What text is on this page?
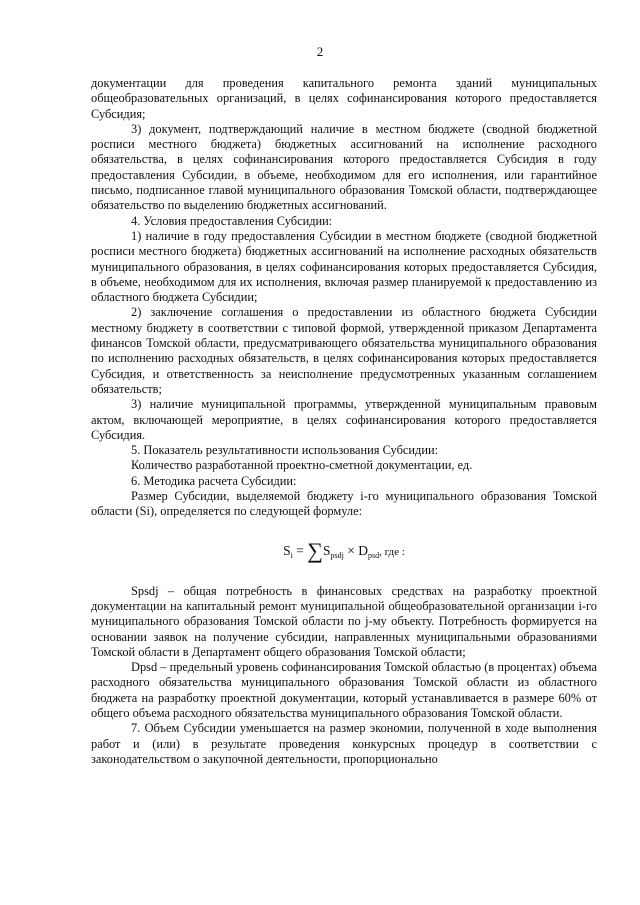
2

документации для проведения капитального ремонта зданий муниципальных общеобразовательных организаций, в целях софинансирования которого предоставляется Субсидия;

3) документ, подтверждающий наличие в местном бюджете (сводной бюджетной росписи местного бюджета) бюджетных ассигнований на исполнение расходного обязательства, в целях софинансирования которого предоставляется Субсидия в году предоставления Субсидии, в объеме, необходимом для его исполнения, или гарантийное письмо, подписанное главой муниципального образования Томской области, подтверждающее обязательство по выделению бюджетных ассигнований.

4. Условия предоставления Субсидии:

1) наличие в году предоставления Субсидии в местном бюджете (сводной бюджетной росписи местного бюджета) бюджетных ассигнований на исполнение расходных обязательств муниципального образования, в целях софинансирования которых предоставляется Субсидия, в объеме, необходимом для их исполнения, включая размер планируемой к предоставлению из областного бюджета Субсидии;

2) заключение соглашения о предоставлении из областного бюджета Субсидии местному бюджету в соответствии с типовой формой, утвержденной приказом Департамента финансов Томской области, предусматривающего обязательства муниципального образования по исполнению расходных обязательств, в целях софинансирования которых предоставляется Субсидия, и ответственность за неисполнение предусмотренных указанным соглашением обязательств;

3) наличие муниципальной программы, утвержденной муниципальным правовым актом, включающей мероприятие, в целях софинансирования которого предоставляется Субсидия.

5. Показатель результативности использования Субсидии:

Количество разработанной проектно-сметной документации, ед.

6. Методика расчета Субсидии:

Размер Субсидии, выделяемой бюджету i-го муниципального образования Томской области (Si), определяется по следующей формуле:

$S_i = \sum S_{psdj} \times D_{psd}$, где :

Spsdj – общая потребность в финансовых средствах на разработку проектной документации на капитальный ремонт муниципальной общеобразовательной организации i-го муниципального образования Томской области по j-му объекту. Потребность формируется на основании заявок на получение субсидии, направленных муниципальными образованиями Томской области в Департамент общего образования Томской области;

Dpsd – предельный уровень софинансирования Томской областью (в процентах) объема расходного обязательства муниципального образования Томской области из областного бюджета на разработку проектной документации, который устанавливается в размере 60% от общего объема расходного обязательства муниципального образования Томской области.

7. Объем Субсидии уменьшается на размер экономии, полученной в ходе выполнения работ и (или) в результате проведения конкурсных процедур в соответствии с законодательством о закупочной деятельности, пропорционально
